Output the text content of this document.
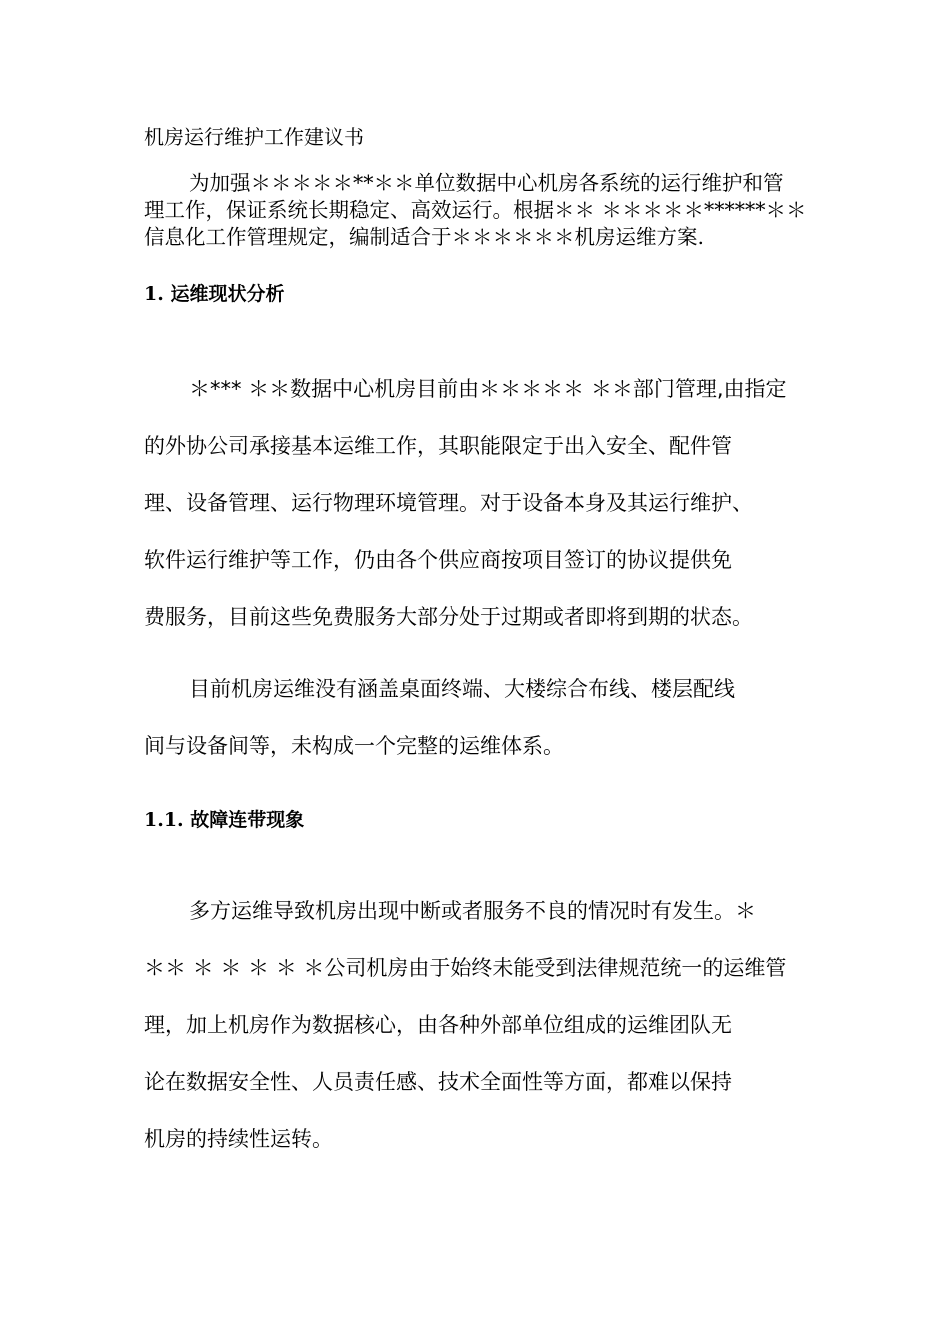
机房运行维护工作建议书
为加强＊＊＊＊＊**＊＊单位数据中心机房各系统的运行维护和管
理工作，保证系统长期稳定、高效运行。根据＊＊ ＊＊＊＊＊******＊＊
信息化工作管理规定，编制适合于＊＊＊＊＊＊机房运维方案.
1. 运维现状分析
＊*** ＊＊数据中心机房目前由＊＊＊＊＊ ＊＊部门管理,由指定
的外协公司承接基本运维工作，其职能限定于出入安全、配件管
理、设备管理、运行物理环境管理。对于设备本身及其运行维护、
软件运行维护等工作，仍由各个供应商按项目签订的协议提供免
费服务，目前这些免费服务大部分处于过期或者即将到期的状态。
目前机房运维没有涵盖桌面终端、大楼综合布线、楼层配线
间与设备间等，未构成一个完整的运维体系。
1.1. 故障连带现象
多方运维导致机房出现中断或者服务不良的情况时有发生。＊
＊＊ ＊ ＊ ＊ ＊ ＊公司机房由于始终未能受到法律规范统一的运维管
理，加上机房作为数据核心，由各种外部单位组成的运维团队无
论在数据安全性、人员责任感、技术全面性等方面，都难以保持
机房的持续性运转。
